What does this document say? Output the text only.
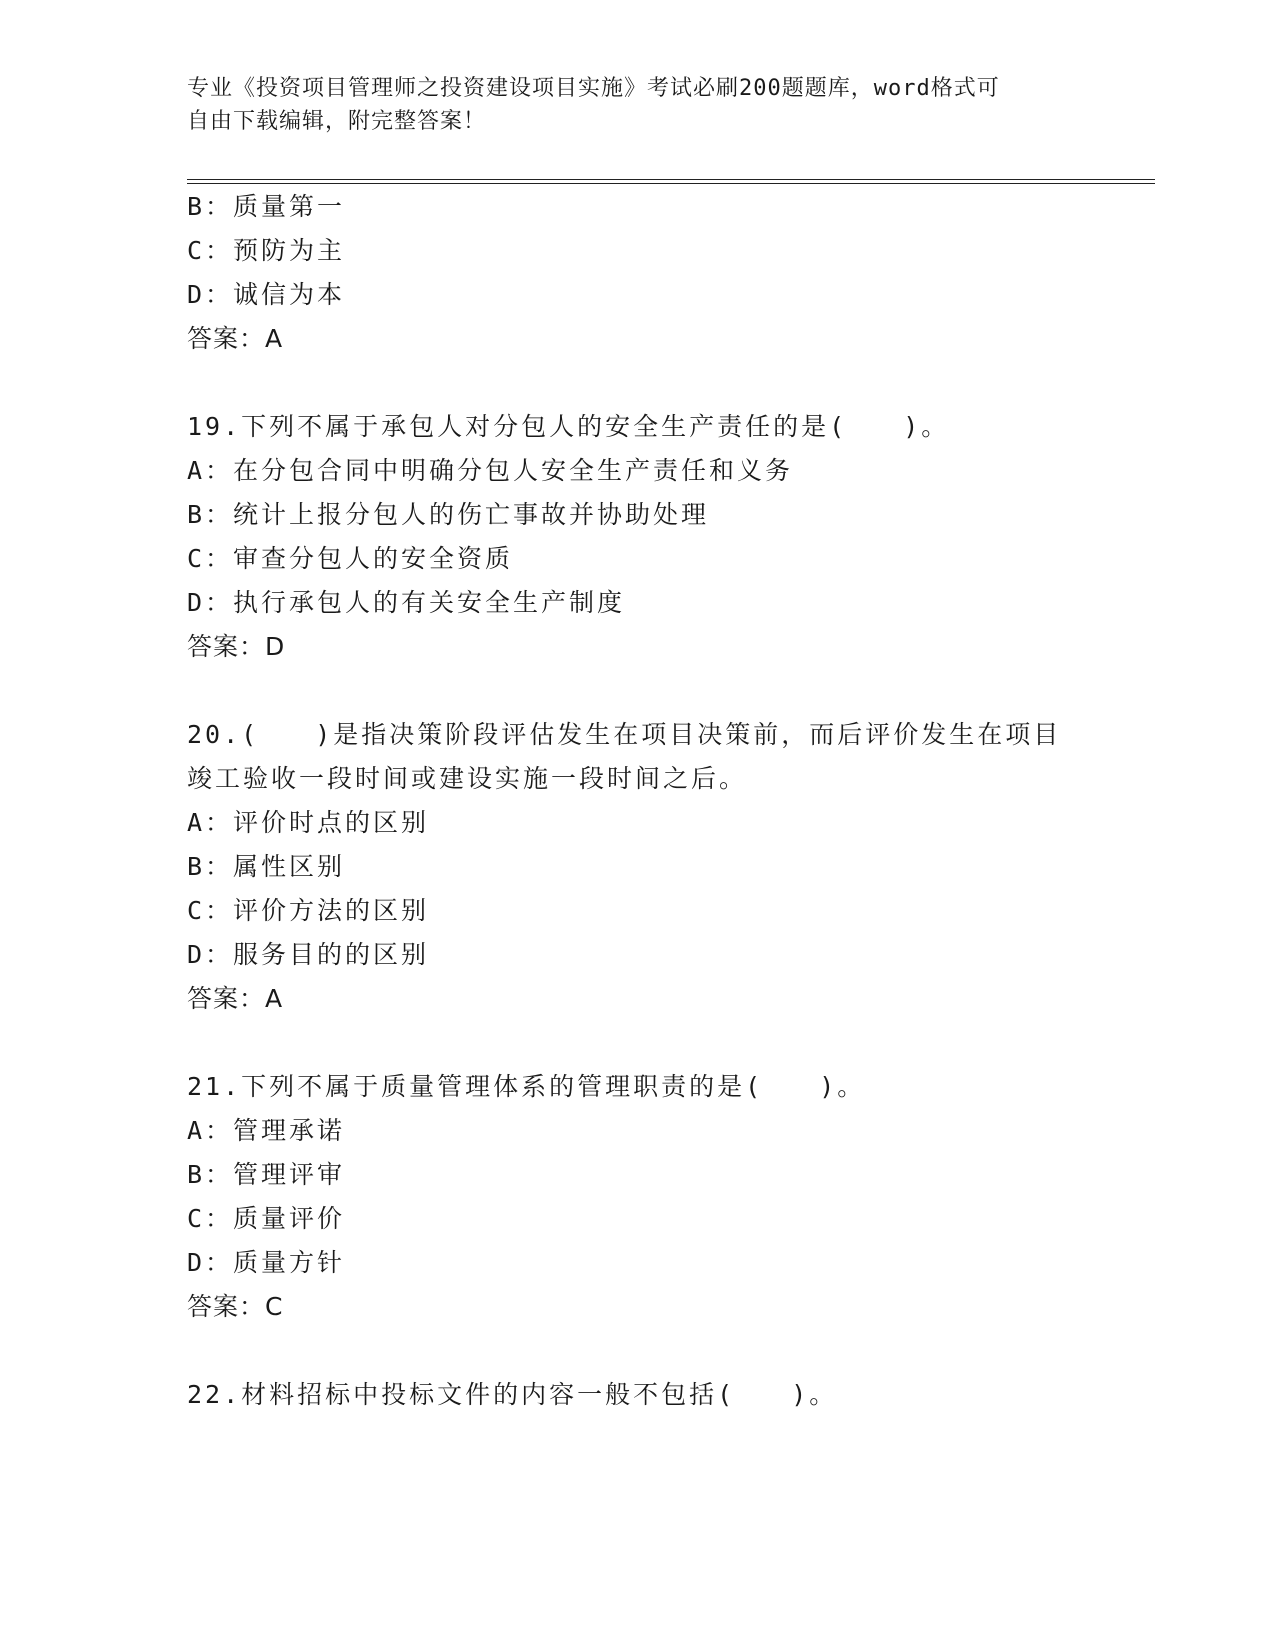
专业《投资项目管理师之投资建设项目实施》考试必刷200题题库，word格式可
自由下载编辑，附完整答案！
B：质量第一
C：预防为主
D：诚信为本
答案：A
19.下列不属于承包人对分包人的安全生产责任的是(　　)。
A：在分包合同中明确分包人安全生产责任和义务
B：统计上报分包人的伤亡事故并协助处理
C：审查分包人的安全资质
D：执行承包人的有关安全生产制度
答案：D
20.(　　)是指决策阶段评估发生在项目决策前，而后评价发生在项目
竣工验收一段时间或建设实施一段时间之后。
A：评价时点的区别
B：属性区别
C：评价方法的区别
D：服务目的的区别
答案：A
21.下列不属于质量管理体系的管理职责的是(　　)。
A：管理承诺
B：管理评审
C：质量评价
D：质量方针
答案：C
22.材料招标中投标文件的内容一般不包括(　　)。
